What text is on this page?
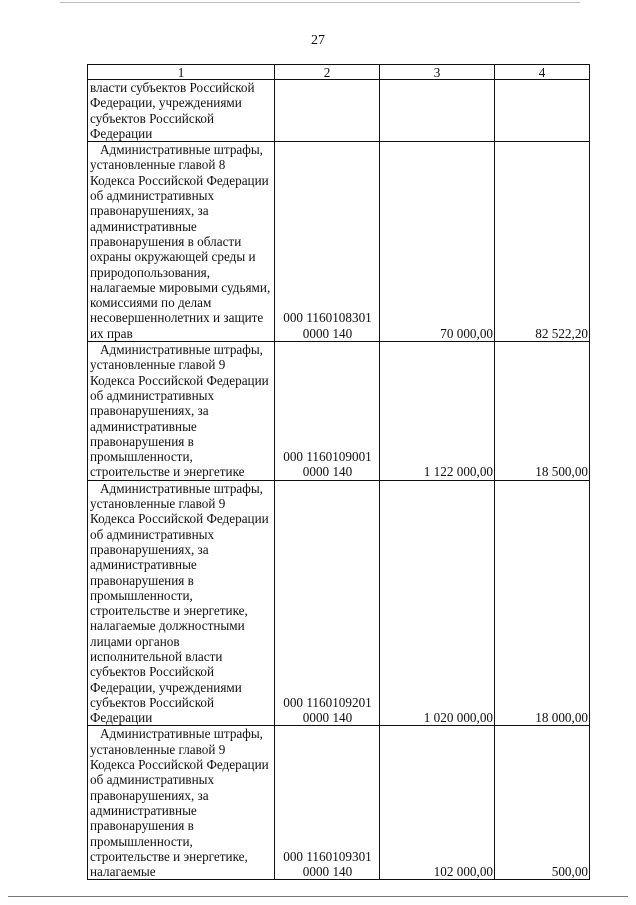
27
1	2	3	4
власти субъектов Российской Федерации, учреждениями субъектов Российской Федерации	

Административные штрафы, установленные главой 8 Кодекса Российской Федерации об административных правонарушениях, за административные правонарушения в области охраны окружающей среды и природопользования, налагаемые мировыми судьями, комиссиями по делам несовершеннолетних и защите их прав	000 1160108301
0000 140	70 000,00	82 522,20
Административные штрафы, установленные главой 9 Кодекса Российской Федерации об административных правонарушениях, за административные правонарушения в промышленности, строительстве и энергетике	000 1160109001
0000 140	1 122 000,00	18 500,00
Административные штрафы, установленные главой 9 Кодекса Российской Федерации об административных правонарушениях, за административные правонарушения в промышленности, строительстве и энергетике, налагаемые должностными лицами органов исполнительной власти субъектов Российской Федерации, учреждениями субъектов Российской Федерации	000 1160109201
0000 140	1 020 000,00	18 000,00
Административные штрафы, установленные главой 9 Кодекса Российской Федерации об административных правонарушениях, за административные правонарушения в промышленности, строительстве и энергетике, налагаемые	000 1160109301
0000 140	102 000,00	500,00
